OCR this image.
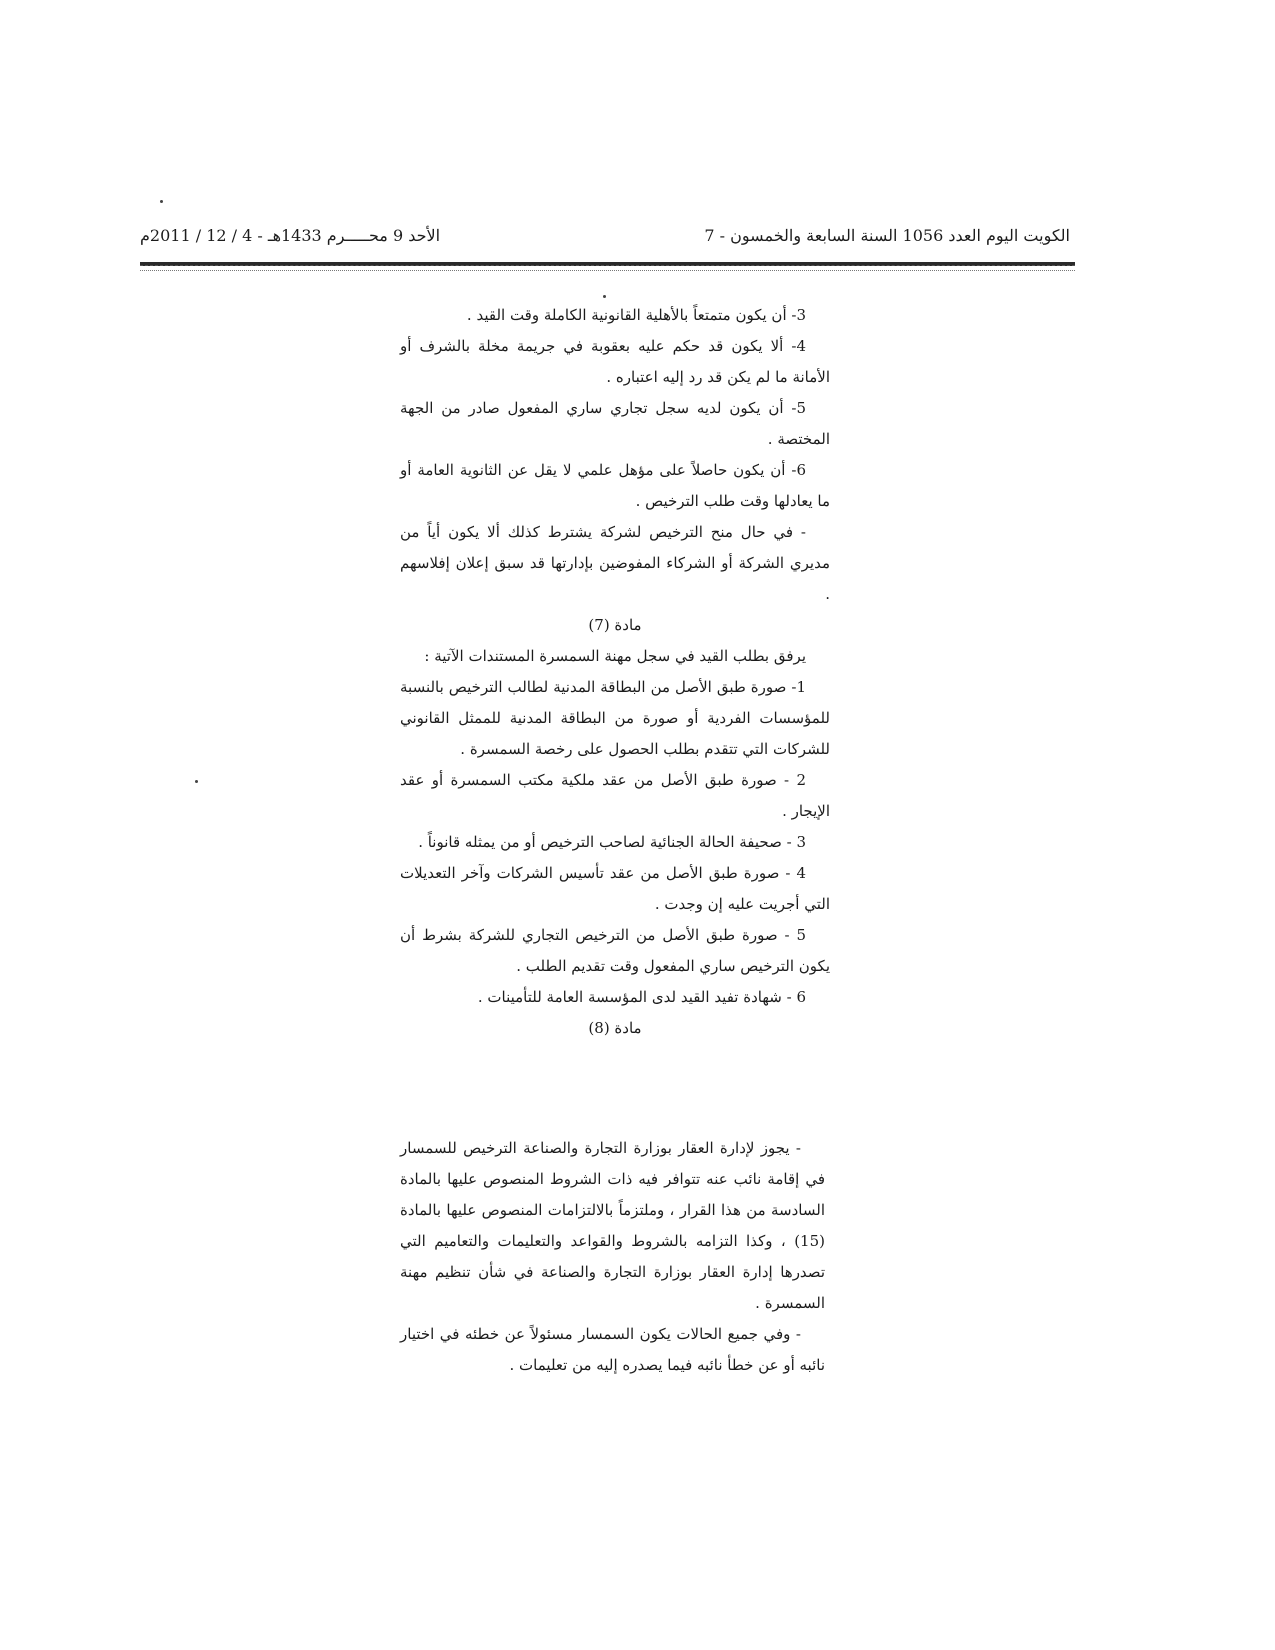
الكويت اليوم العدد 1056 السنة السابعة والخمسون - 7
الأحد 9 محـــــرم 1433هـ - 4 / 12 / 2011م

3- أن يكون متمتعاً بالأهلية القانونية الكاملة وقت القيد .

4- ألا يكون قد حكم عليه بعقوبة في جريمة مخلة بالشرف أو الأمانة ما لم يكن قد رد إليه اعتباره .

5- أن يكون لديه سجل تجاري ساري المفعول صادر من الجهة المختصة .

6- أن يكون حاصلاً على مؤهل علمي لا يقل عن الثانوية العامة أو ما يعادلها وقت طلب الترخيص .

- في حال منح الترخيص لشركة يشترط كذلك ألا يكون أياً من مديري الشركة أو الشركاء المفوضين بإدارتها قد سبق إعلان إفلاسهم .

مادة (7)

يرفق بطلب القيد في سجل مهنة السمسرة المستندات الآتية :

1- صورة طبق الأصل من البطاقة المدنية لطالب الترخيص بالنسبة للمؤسسات الفردية أو صورة من البطاقة المدنية للممثل القانوني للشركات التي تتقدم بطلب الحصول على رخصة السمسرة .

2 - صورة طبق الأصل من عقد ملكية مكتب السمسرة أو عقد الإيجار .

3 - صحيفة الحالة الجنائية لصاحب الترخيص أو من يمثله قانوناً .

4 - صورة طبق الأصل من عقد تأسيس الشركات وآخر التعديلات التي أجريت عليه إن وجدت .

5 - صورة طبق الأصل من الترخيص التجاري للشركة بشرط أن يكون الترخيص ساري المفعول وقت تقديم الطلب .

6 - شهادة تفيد القيد لدى المؤسسة العامة للتأمينات .

مادة (8)

- يجوز لإدارة العقار بوزارة التجارة والصناعة الترخيص للسمسار في إقامة نائب عنه تتوافر فيه ذات الشروط المنصوص عليها بالمادة السادسة من هذا القرار ، وملتزماً بالالتزامات المنصوص عليها بالمادة (15) ، وكذا التزامه بالشروط والقواعد والتعليمات والتعاميم التي تصدرها إدارة العقار بوزارة التجارة والصناعة في شأن تنظيم مهنة السمسرة .

- وفي جميع الحالات يكون السمسار مسئولاً عن خطئه في اختيار نائبه أو عن خطأ نائبه فيما يصدره إليه من تعليمات .
